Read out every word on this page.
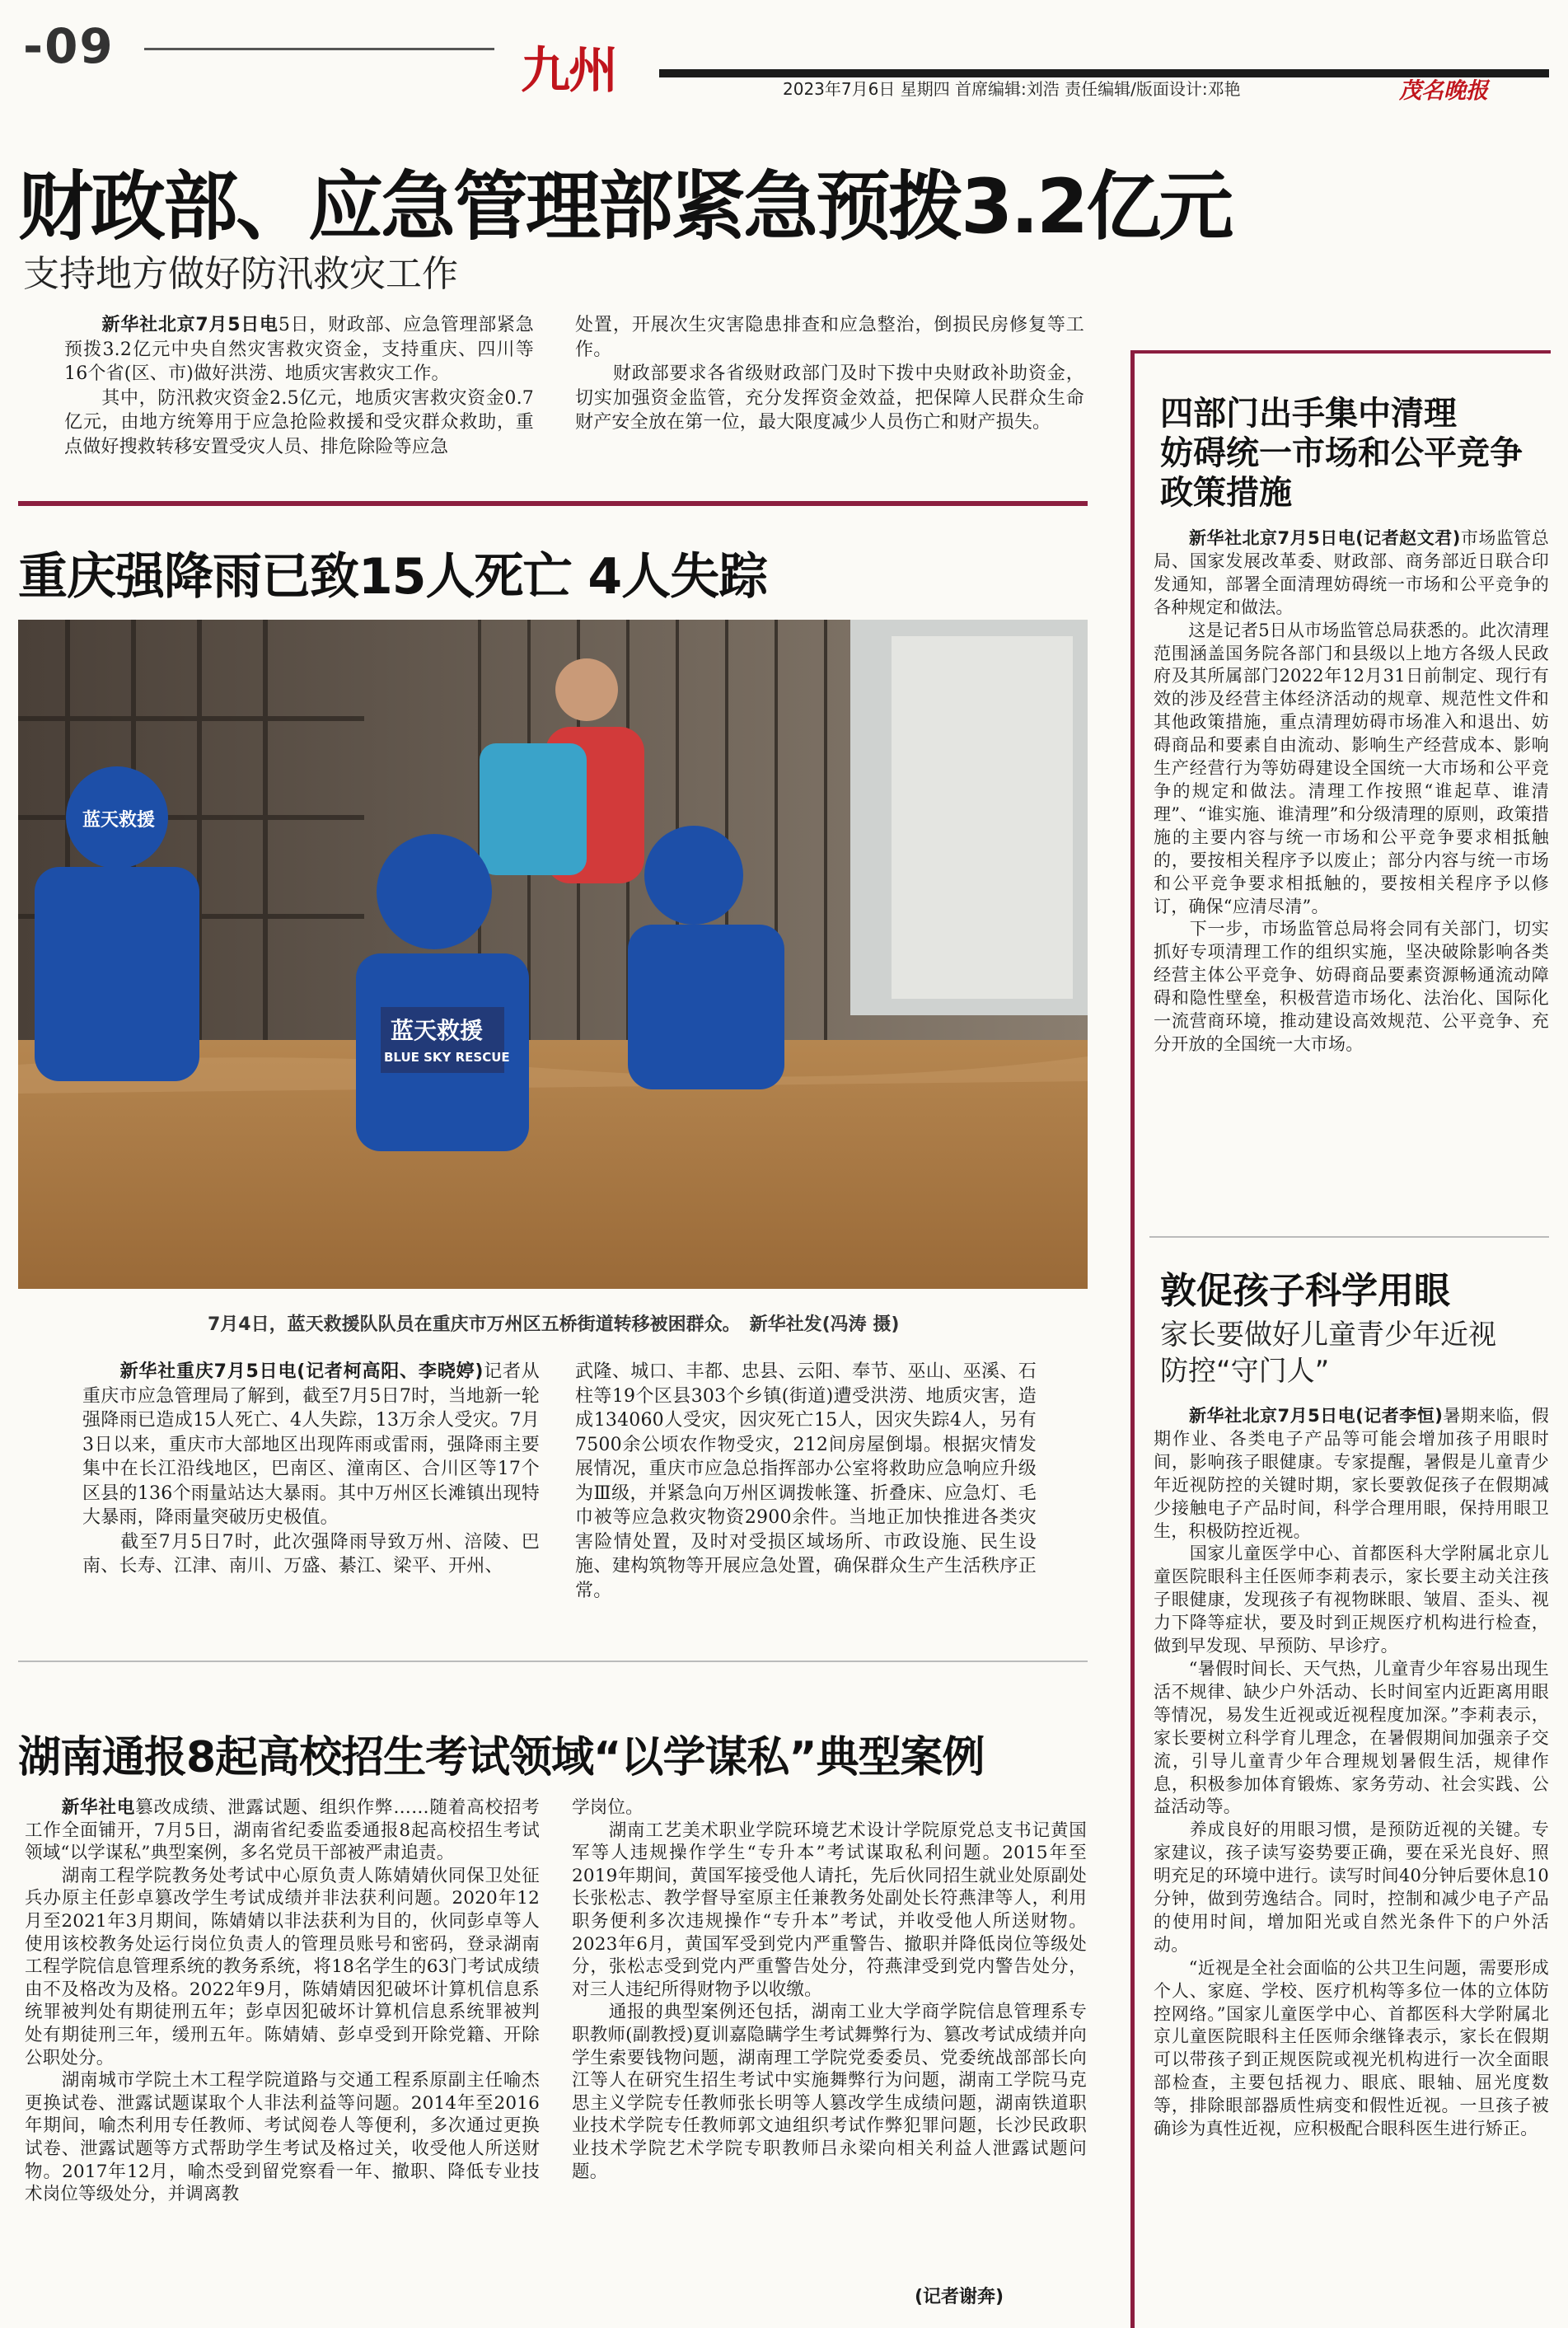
-09	九州	2023年7月6日 星期四 首席编辑:刘浩 责任编辑/版面设计:邓艳	茂名晚报
财政部、应急管理部紧急预拨3.2亿元
支持地方做好防汛救灾工作
　　新华社北京7月5日电5日，财政部、应急管理部紧急预拨3.2亿元中央自然灾害救灾资金，支持重庆、四川等16个省(区、市)做好洪涝、地质灾害救灾工作。
　　其中，防汛救灾资金2.5亿元，地质灾害救灾资金0.7亿元，由地方统筹用于应急抢险救援和受灾群众救助，重点做好搜救转移安置受灾人员、排危除险等应急
处置，开展次生灾害隐患排查和应急整治，倒损民房修复等工作。
　　财政部要求各省级财政部门及时下拨中央财政补助资金，切实加强资金监管，充分发挥资金效益，把保障人民群众生命财产安全放在第一位，最大限度减少人员伤亡和财产损失。
重庆强降雨已致15人死亡 4人失踪
蓝天救援
蓝天救援
BLUE SKY RESCUE
7月4日，蓝天救援队队员在重庆市万州区五桥街道转移被困群众。　新华社发(冯涛 摄)
　　新华社重庆7月5日电(记者柯高阳、李晓婷)记者从重庆市应急管理局了解到，截至7月5日7时，当地新一轮强降雨已造成15人死亡、4人失踪，13万余人受灾。7月3日以来，重庆市大部地区出现阵雨或雷雨，强降雨主要集中在长江沿线地区，巴南区、潼南区、合川区等17个区县的136个雨量站达大暴雨。其中万州区长滩镇出现特大暴雨，降雨量突破历史极值。
　　截至7月5日7时，此次强降雨导致万州、涪陵、巴南、长寿、江津、南川、万盛、綦江、梁平、开州、
武隆、城口、丰都、忠县、云阳、奉节、巫山、巫溪、石柱等19个区县303个乡镇(街道)遭受洪涝、地质灾害，造成134060人受灾，因灾死亡15人，因灾失踪4人，另有7500余公顷农作物受灾，212间房屋倒塌。根据灾情发展情况，重庆市应急总指挥部办公室将救助应急响应升级为Ⅲ级，并紧急向万州区调拨帐篷、折叠床、应急灯、毛巾被等应急救灾物资2900余件。当地正加快推进各类灾害险情处置，及时对受损区域场所、市政设施、民生设施、建构筑物等开展应急处置，确保群众生产生活秩序正常。
湖南通报8起高校招生考试领域“以学谋私”典型案例
　　新华社电篡改成绩、泄露试题、组织作弊……随着高校招考工作全面铺开，7月5日，湖南省纪委监委通报8起高校招生考试领域“以学谋私”典型案例，多名党员干部被严肃追责。
　　湖南工程学院教务处考试中心原负责人陈婧婧伙同保卫处征兵办原主任彭卓篡改学生考试成绩并非法获利问题。2020年12月至2021年3月期间，陈婧婧以非法获利为目的，伙同彭卓等人使用该校教务处运行岗位负责人的管理员账号和密码，登录湖南工程学院信息管理系统的教务系统，将18名学生的63门考试成绩由不及格改为及格。2022年9月，陈婧婧因犯破坏计算机信息系统罪被判处有期徒刑五年；彭卓因犯破坏计算机信息系统罪被判处有期徒刑三年，缓刑五年。陈婧婧、彭卓受到开除党籍、开除公职处分。
　　湖南城市学院土木工程学院道路与交通工程系原副主任喻杰更换试卷、泄露试题谋取个人非法利益等问题。2014年至2016年期间，喻杰利用专任教师、考试阅卷人等便利，多次通过更换试卷、泄露试题等方式帮助学生考试及格过关，收受他人所送财物。2017年12月，喻杰受到留党察看一年、撤职、降低专业技术岗位等级处分，并调离教
学岗位。
　　湖南工艺美术职业学院环境艺术设计学院原党总支书记黄国军等人违规操作学生“专升本”考试谋取私利问题。2015年至2019年期间，黄国军接受他人请托，先后伙同招生就业处原副处长张松志、教学督导室原主任兼教务处副处长符燕津等人，利用职务便利多次违规操作“专升本”考试，并收受他人所送财物。2023年6月，黄国军受到党内严重警告、撤职并降低岗位等级处分，张松志受到党内严重警告处分，符燕津受到党内警告处分，对三人违纪所得财物予以收缴。
　　通报的典型案例还包括，湖南工业大学商学院信息管理系专职教师(副教授)夏训嘉隐瞒学生考试舞弊行为、篡改考试成绩并向学生索要钱物问题，湖南理工学院党委委员、党委统战部部长向江等人在研究生招生考试中实施舞弊行为问题，湖南工学院马克思主义学院专任教师张长明等人篡改学生成绩问题，湖南铁道职业技术学院专任教师郭文迪组织考试作弊犯罪问题，长沙民政职业技术学院艺术学院专职教师吕永梁向相关利益人泄露试题问题。
(记者谢奔)
四部门出手集中清理
妨碍统一市场和公平竞争
政策措施
　　新华社北京7月5日电(记者赵文君)市场监管总局、国家发展改革委、财政部、商务部近日联合印发通知，部署全面清理妨碍统一市场和公平竞争的各种规定和做法。
　　这是记者5日从市场监管总局获悉的。此次清理范围涵盖国务院各部门和县级以上地方各级人民政府及其所属部门2022年12月31日前制定、现行有效的涉及经营主体经济活动的规章、规范性文件和其他政策措施，重点清理妨碍市场准入和退出、妨碍商品和要素自由流动、影响生产经营成本、影响生产经营行为等妨碍建设全国统一大市场和公平竞争的规定和做法。清理工作按照“谁起草、谁清理”、“谁实施、谁清理”和分级清理的原则，政策措施的主要内容与统一市场和公平竞争要求相抵触的，要按相关程序予以废止；部分内容与统一市场和公平竞争要求相抵触的，要按相关程序予以修订，确保“应清尽清”。
　　下一步，市场监管总局将会同有关部门，切实抓好专项清理工作的组织实施，坚决破除影响各类经营主体公平竞争、妨碍商品要素资源畅通流动障碍和隐性壁垒，积极营造市场化、法治化、国际化一流营商环境，推动建设高效规范、公平竞争、充分开放的全国统一大市场。
敦促孩子科学用眼
家长要做好儿童青少年近视
防控“守门人”
　　新华社北京7月5日电(记者李恒)暑期来临，假期作业、各类电子产品等可能会增加孩子用眼时间，影响孩子眼健康。专家提醒，暑假是儿童青少年近视防控的关键时期，家长要敦促孩子在假期减少接触电子产品时间，科学合理用眼，保持用眼卫生，积极防控近视。
　　国家儿童医学中心、首都医科大学附属北京儿童医院眼科主任医师李莉表示，家长要主动关注孩子眼健康，发现孩子有视物眯眼、皱眉、歪头、视力下降等症状，要及时到正规医疗机构进行检查，做到早发现、早预防、早诊疗。
　　“暑假时间长、天气热，儿童青少年容易出现生活不规律、缺少户外活动、长时间室内近距离用眼等情况，易发生近视或近视程度加深。”李莉表示，家长要树立科学育儿理念，在暑假期间加强亲子交流，引导儿童青少年合理规划暑假生活，规律作息，积极参加体育锻炼、家务劳动、社会实践、公益活动等。
　　养成良好的用眼习惯，是预防近视的关键。专家建议，孩子读写姿势要正确，要在采光良好、照明充足的环境中进行。读写时间40分钟后要休息10分钟，做到劳逸结合。同时，控制和减少电子产品的使用时间，增加阳光或自然光条件下的户外活动。
　　“近视是全社会面临的公共卫生问题，需要形成个人、家庭、学校、医疗机构等多位一体的立体防控网络。”国家儿童医学中心、首都医科大学附属北京儿童医院眼科主任医师余继锋表示，家长在假期可以带孩子到正规医院或视光机构进行一次全面眼部检查，主要包括视力、眼底、眼轴、屈光度数等，排除眼部器质性病变和假性近视。一旦孩子被确诊为真性近视，应积极配合眼科医生进行矫正。
